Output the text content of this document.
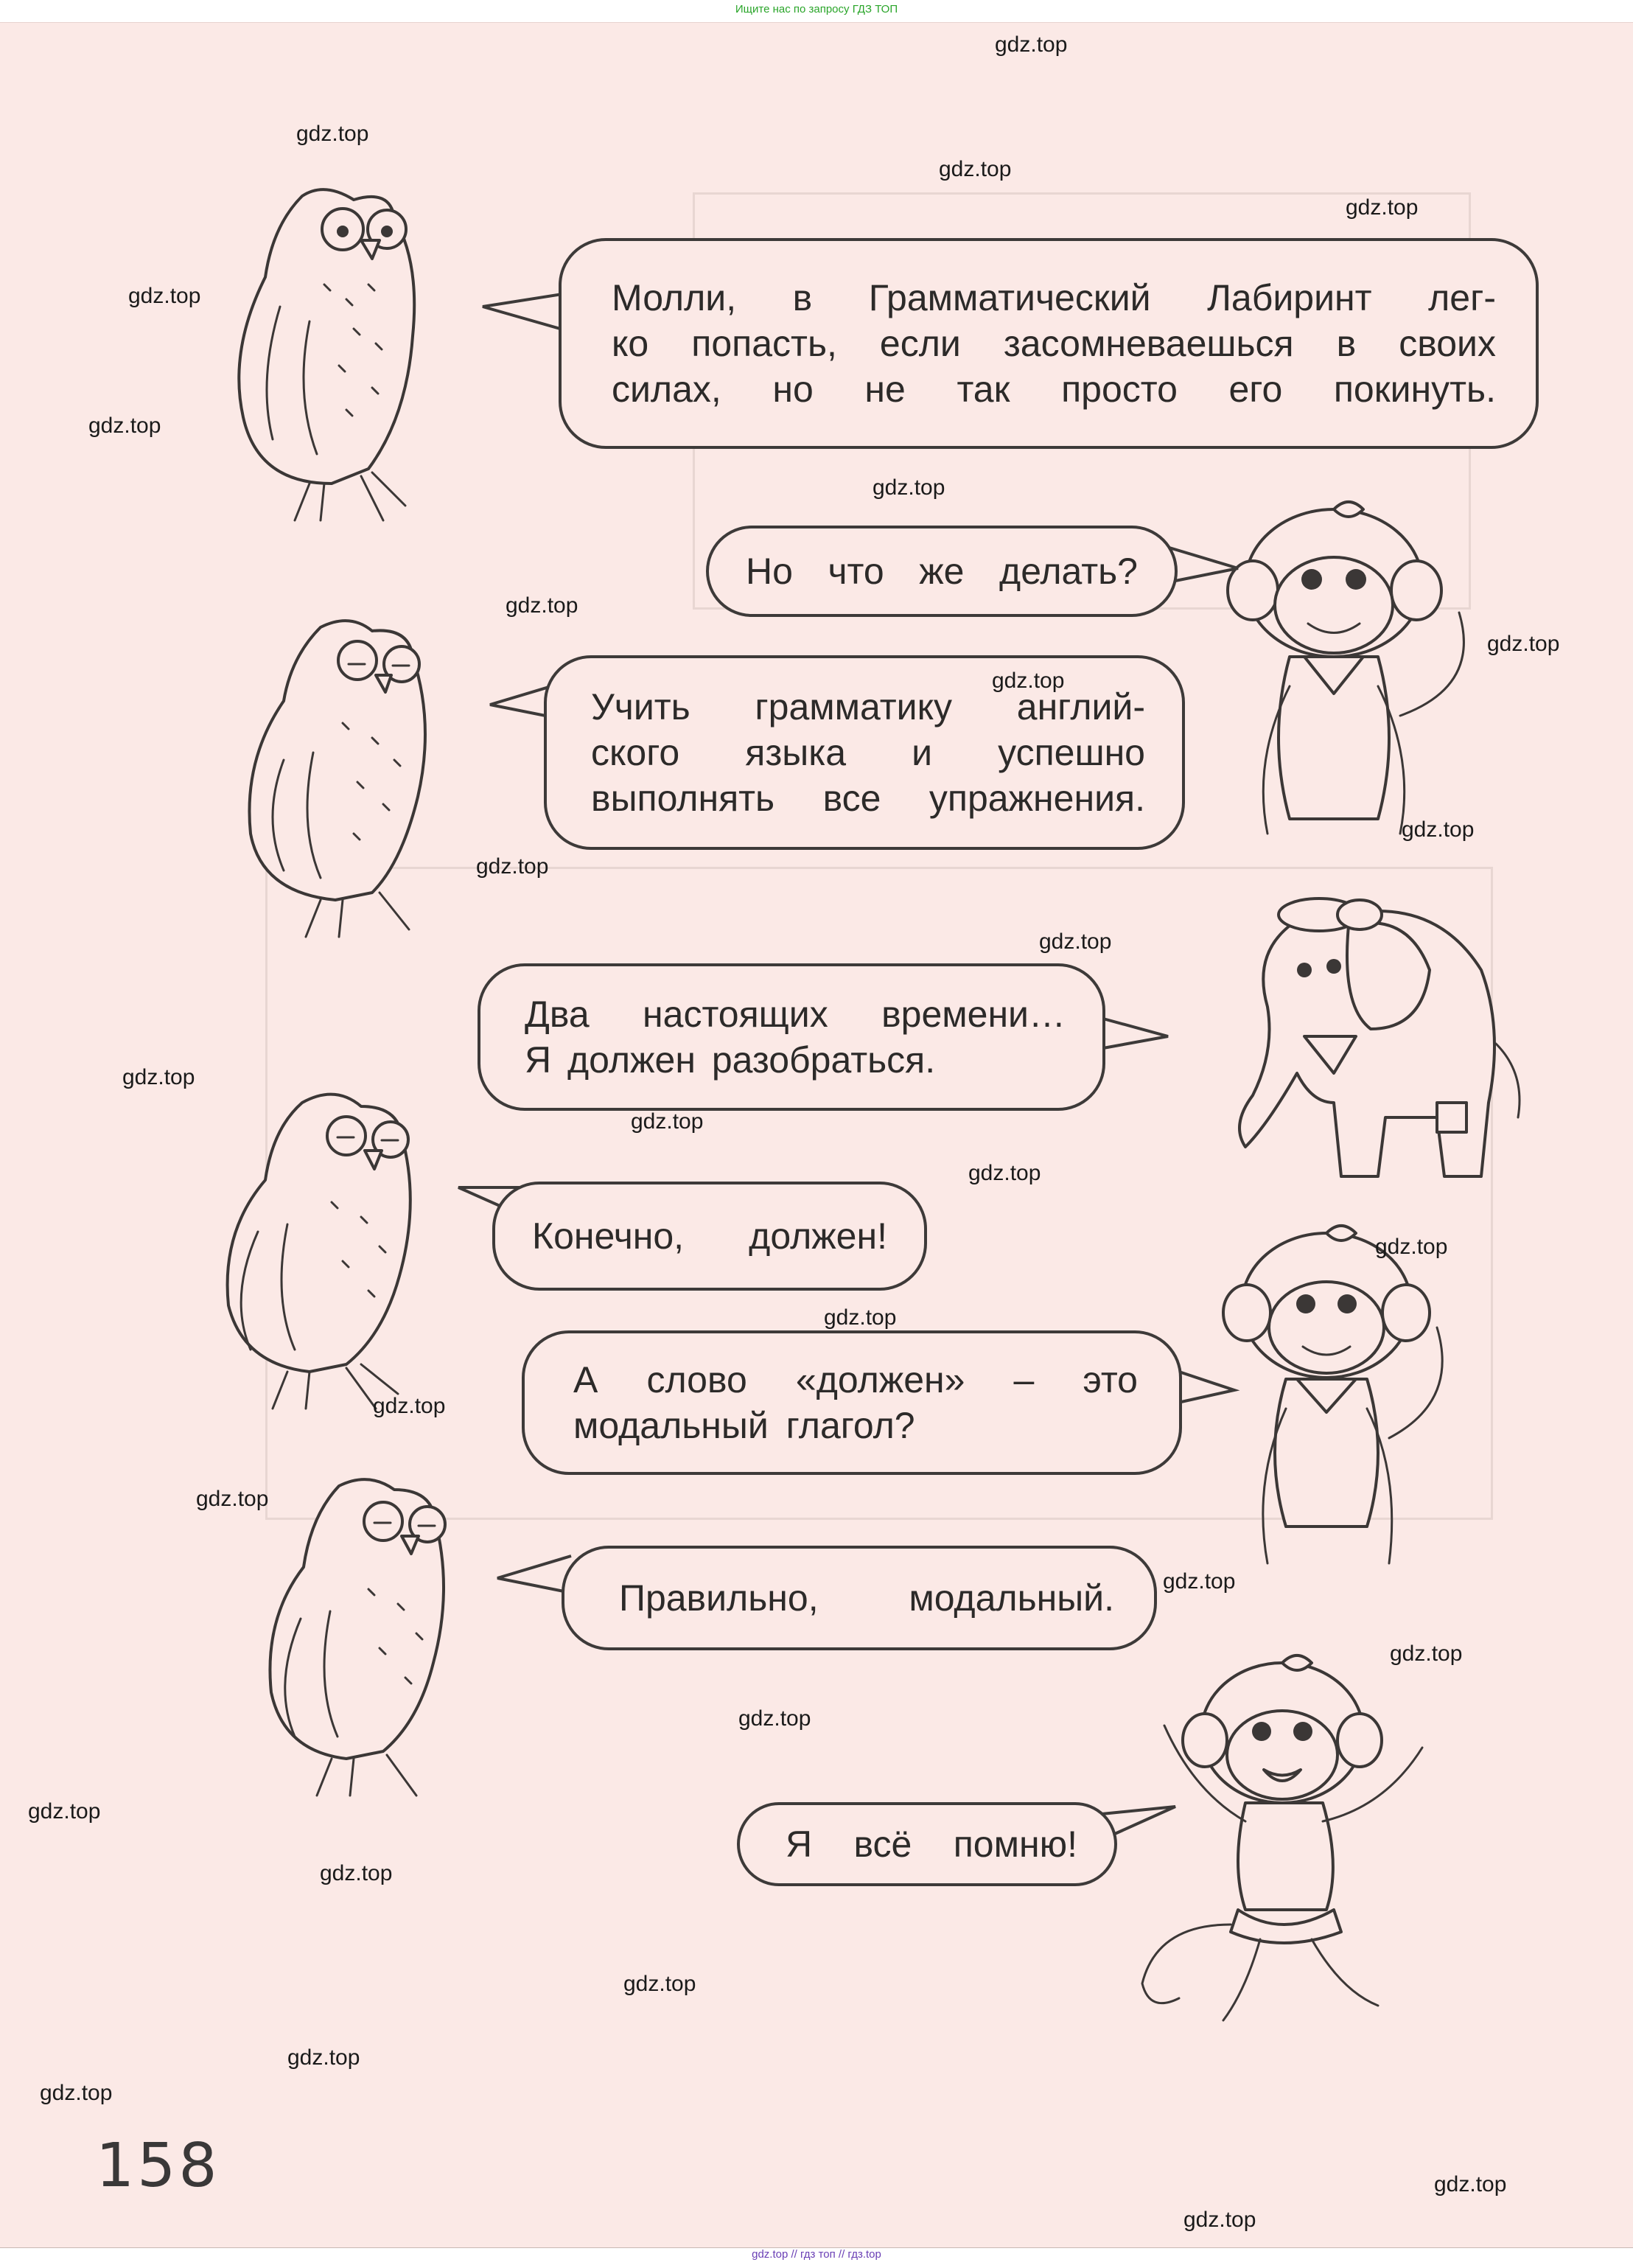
Ищите нас по запросу ГДЗ ТОП
Молли, в Грамматический Лабиринт лег-
ко попасть, если засомневаешься в своих
силах, но не так просто его покинуть.
Но что же делать?
Учить грамматику англий-
ского языка и успешно
выполнять все упражнения.
Два настоящих времени…
Я должен разобраться.
Конечно, должен!
А слово «должен» – это
модальный глагол?
Правильно, модальный.
Я всё помню!
158
gdz.top
gdz.top
gdz.top
gdz.top
gdz.top
gdz.top
gdz.top
gdz.top
gdz.top
gdz.top
gdz.top
gdz.top
gdz.top
gdz.top
gdz.top
gdz.top
gdz.top
gdz.top
gdz.top
gdz.top
gdz.top
gdz.top
gdz.top
gdz.top
gdz.top
gdz.top
gdz.top
gdz.top
gdz.top
gdz.top
gdz.top // гдз топ // гдз.top
